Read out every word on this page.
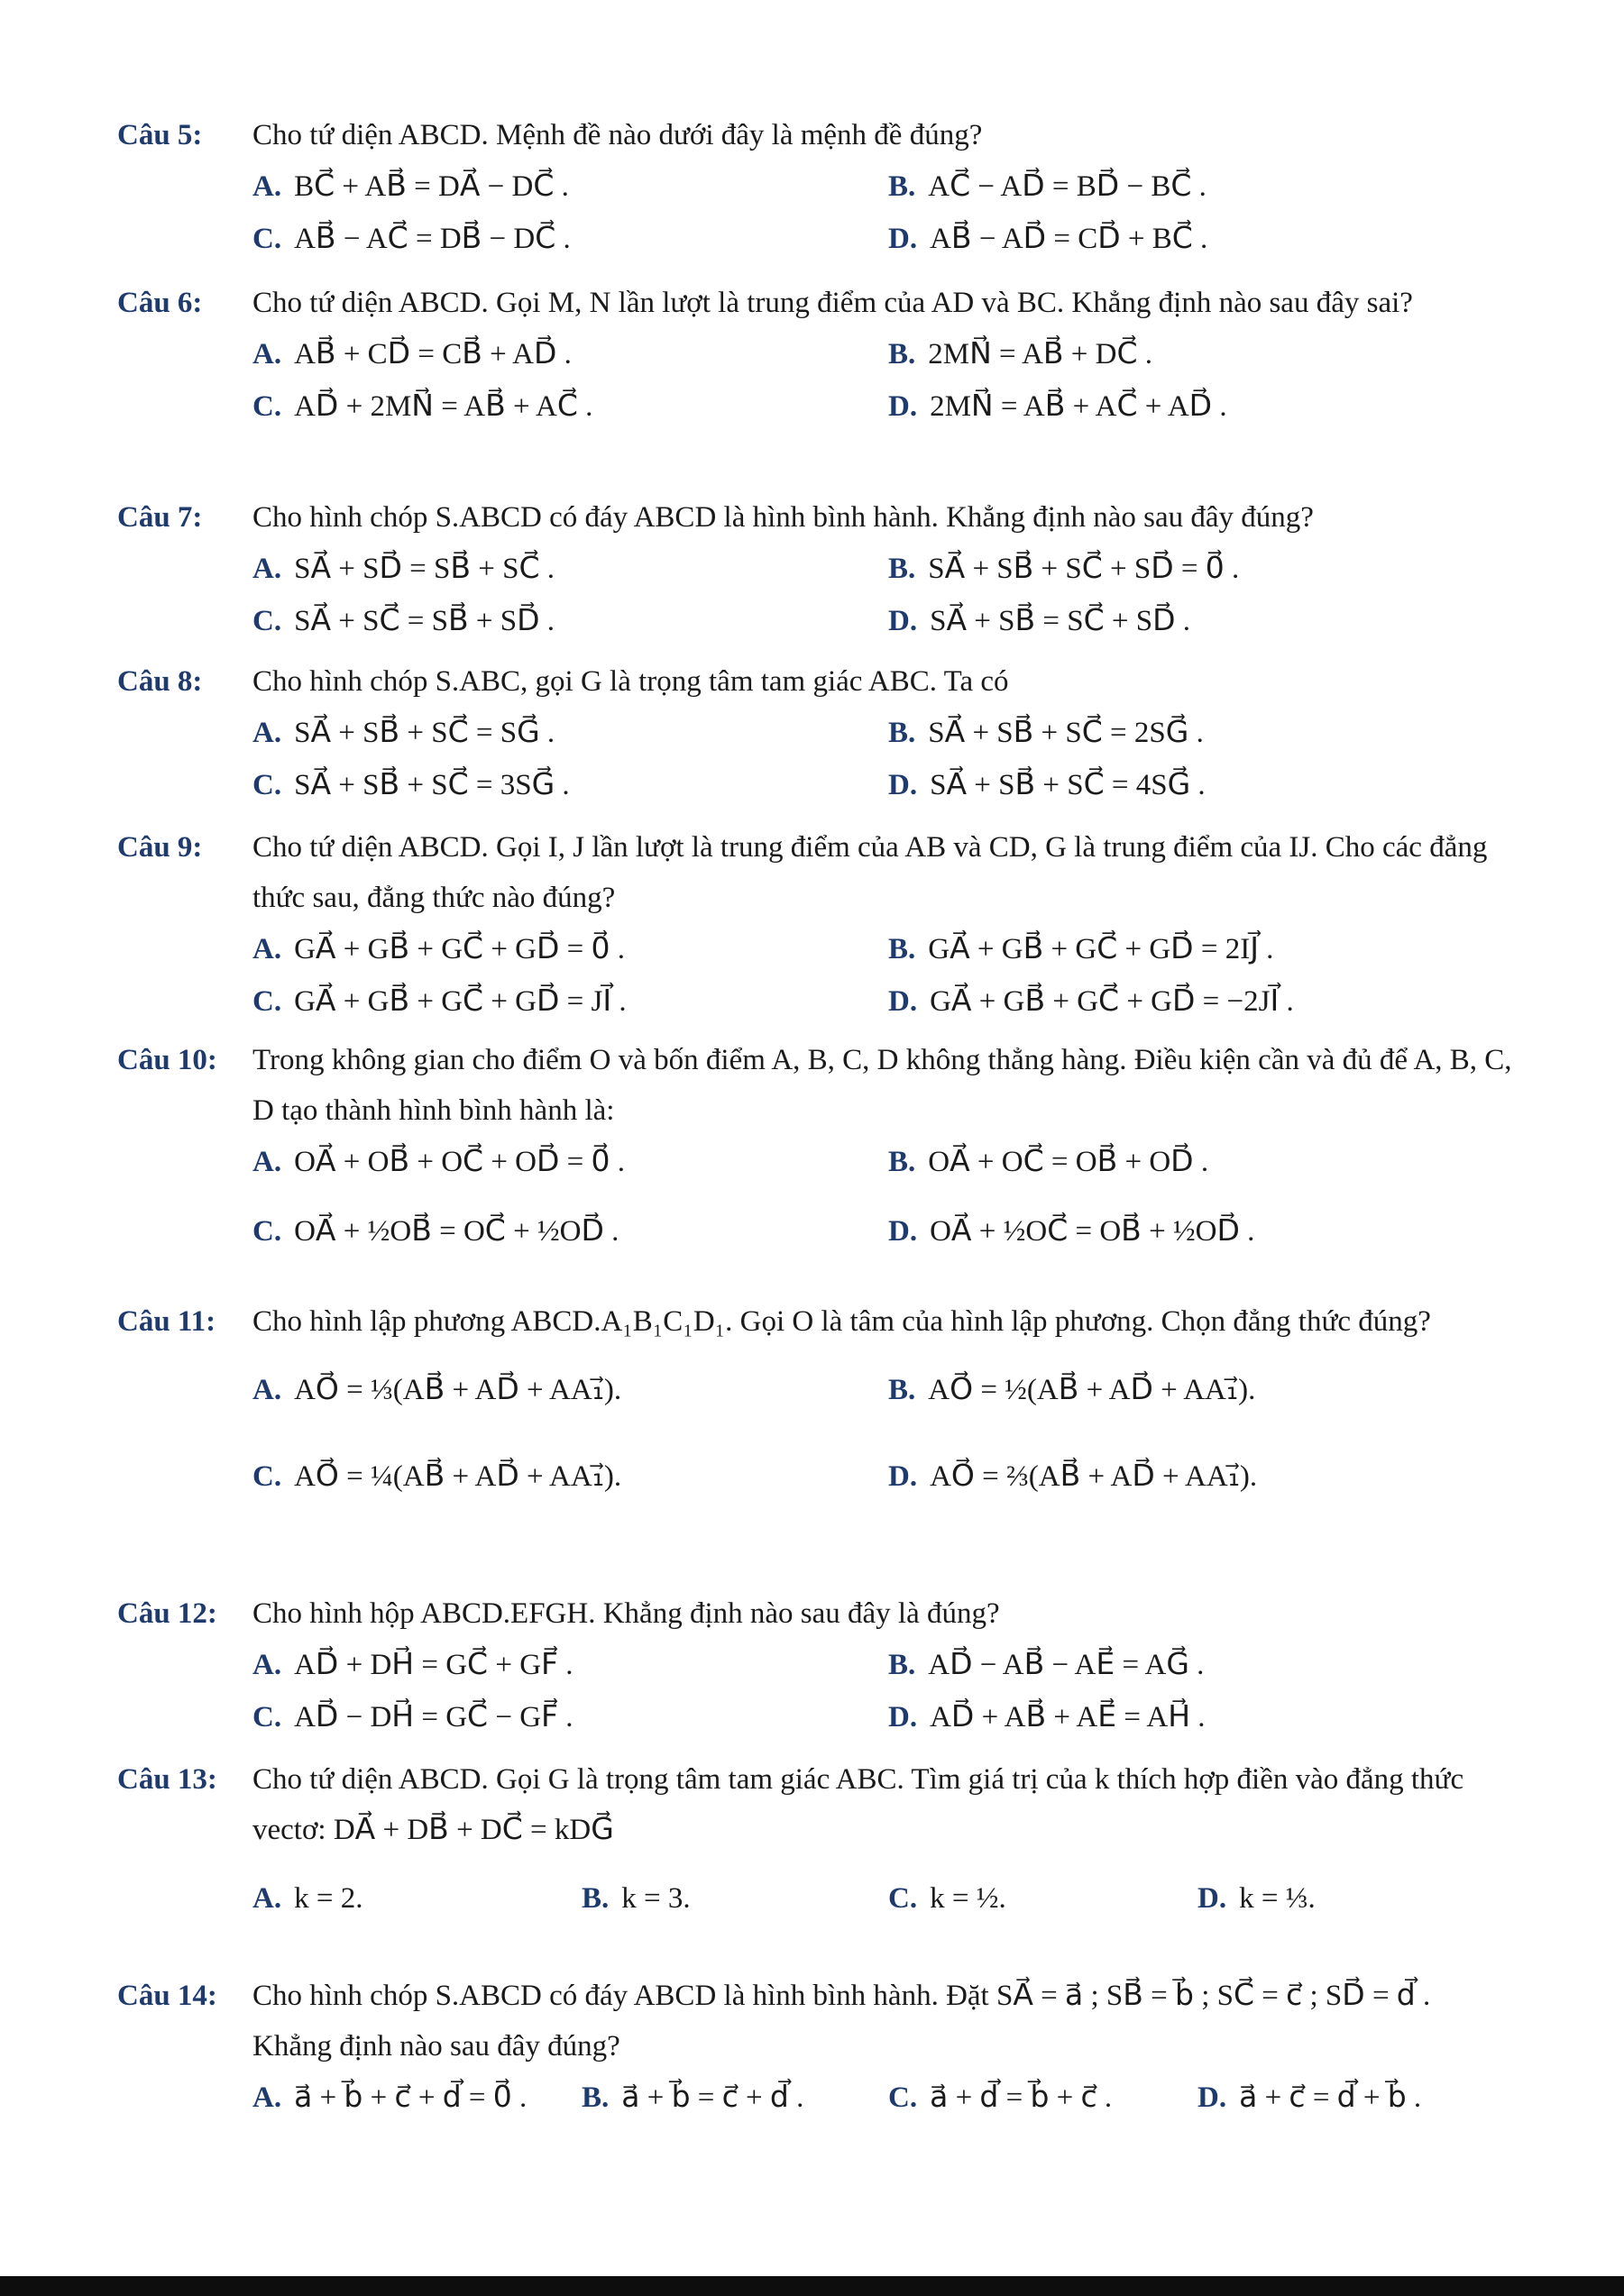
Câu 5:	Cho tứ diện ABCD. Mệnh đề nào dưới đây là mệnh đề đúng?
A. BC⃗ + AB⃗ = DA⃗ − DC⃗ .	B. AC⃗ − AD⃗ = BD⃗ − BC⃗ .
C. AB⃗ − AC⃗ = DB⃗ − DC⃗ .	D. AB⃗ − AD⃗ = CD⃗ + BC⃗ .
Câu 6:	Cho tứ diện ABCD. Gọi M, N lần lượt là trung điểm của AD và BC. Khẳng định nào sau đây sai?
A. AB⃗ + CD⃗ = CB⃗ + AD⃗ .	B. 2MN⃗ = AB⃗ + DC⃗ .
C. AD⃗ + 2MN⃗ = AB⃗ + AC⃗ .	D. 2MN⃗ = AB⃗ + AC⃗ + AD⃗ .
Câu 7:	Cho hình chóp S.ABCD có đáy ABCD là hình bình hành. Khẳng định nào sau đây đúng?
A. SA⃗ + SD⃗ = SB⃗ + SC⃗ .	B. SA⃗ + SB⃗ + SC⃗ + SD⃗ = 0⃗ .
C. SA⃗ + SC⃗ = SB⃗ + SD⃗ .	D. SA⃗ + SB⃗ = SC⃗ + SD⃗ .
Câu 8:	Cho hình chóp S.ABC, gọi G là trọng tâm tam giác ABC. Ta có
A. SA⃗ + SB⃗ + SC⃗ = SG⃗ .	B. SA⃗ + SB⃗ + SC⃗ = 2SG⃗ .
C. SA⃗ + SB⃗ + SC⃗ = 3SG⃗ .	D. SA⃗ + SB⃗ + SC⃗ = 4SG⃗ .
Câu 9:	Cho tứ diện ABCD. Gọi I, J lần lượt là trung điểm của AB và CD, G là trung điểm của IJ. Cho các đẳng thức sau, đẳng thức nào đúng?
A. GA⃗ + GB⃗ + GC⃗ + GD⃗ = 0⃗ .	B. GA⃗ + GB⃗ + GC⃗ + GD⃗ = 2IJ⃗ .
C. GA⃗ + GB⃗ + GC⃗ + GD⃗ = JI⃗ .	D. GA⃗ + GB⃗ + GC⃗ + GD⃗ = −2JI⃗ .
Câu 10:	Trong không gian cho điểm O và bốn điểm A, B, C, D không thẳng hàng. Điều kiện cần và đủ để A, B, C, D tạo thành hình bình hành là:
A. OA⃗ + OB⃗ + OC⃗ + OD⃗ = 0⃗ .	B. OA⃗ + OC⃗ = OB⃗ + OD⃗ .
C. OA⃗ + ½OB⃗ = OC⃗ + ½OD⃗ .	D. OA⃗ + ½OC⃗ = OB⃗ + ½OD⃗ .
Câu 11:	Cho hình lập phương ABCD.A₁B₁C₁D₁. Gọi O là tâm của hình lập phương. Chọn đẳng thức đúng?
A. AO⃗ = ⅓(AB⃗ + AD⃗ + AA₁⃗).	B. AO⃗ = ½(AB⃗ + AD⃗ + AA₁⃗).
C. AO⃗ = ¼(AB⃗ + AD⃗ + AA₁⃗).	D. AO⃗ = ⅔(AB⃗ + AD⃗ + AA₁⃗).
Câu 12:	Cho hình hộp ABCD.EFGH. Khẳng định nào sau đây là đúng?
A. AD⃗ + DH⃗ = GC⃗ + GF⃗ .	B. AD⃗ − AB⃗ − AE⃗ = AG⃗ .
C. AD⃗ − DH⃗ = GC⃗ − GF⃗ .	D. AD⃗ + AB⃗ + AE⃗ = AH⃗ .
Câu 13:	Cho tứ diện ABCD. Gọi G là trọng tâm tam giác ABC. Tìm giá trị của k thích hợp điền vào đẳng thức vectơ: DA⃗ + DB⃗ + DC⃗ = kDG⃗
A. k = 2.	B. k = 3.	C. k = ½.	D. k = ⅓.
Câu 14:	Cho hình chóp S.ABCD có đáy ABCD là hình bình hành. Đặt SA⃗ = a⃗ ; SB⃗ = b⃗ ; SC⃗ = c⃗ ; SD⃗ = d⃗ . Khẳng định nào sau đây đúng?
A. a⃗ + b⃗ + c⃗ + d⃗ = 0⃗ . B. a⃗ + b⃗ = c⃗ + d⃗ .	C. a⃗ + d⃗ = b⃗ + c⃗ .	D. a⃗ + c⃗ = d⃗ + b⃗ .
